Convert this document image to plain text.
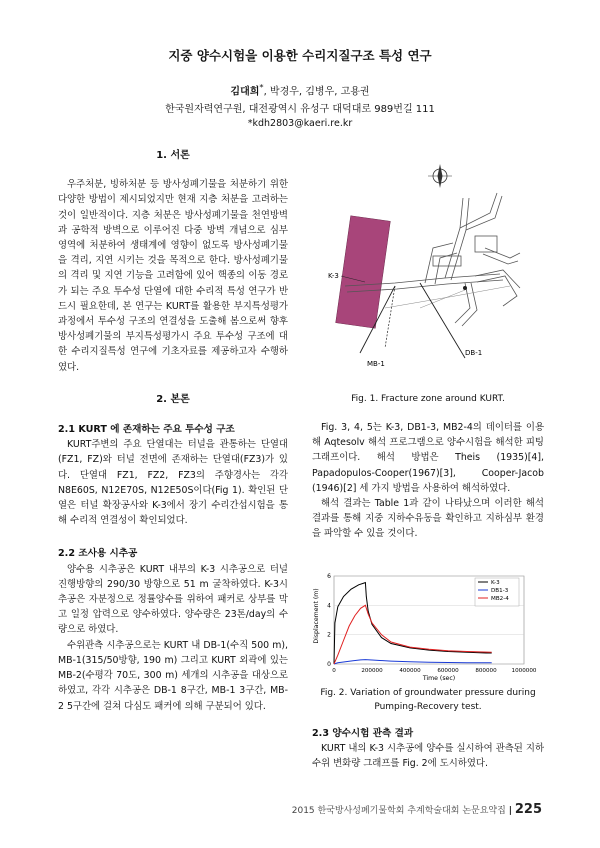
지중 양수시험을 이용한 수리지질구조 특성 연구
김대희*, 박경우, 김병우, 고용권
한국원자력연구원, 대전광역시 유성구 대덕대로 989번길 111
*kdh2803@kaeri.re.kr
1. 서론

우주처분, 빙하처분 등 방사성폐기물을 처분하기 위한 다양한 방법이 제시되었지만 현재 지층 처분을 고려하는 것이 일반적이다. 지층 처분은 방사성폐기물을 천연방벽과 공학적 방벽으로 이루어진 다중 방벽 개념으로 심부 영역에 처분하여 생태계에 영향이 없도록 방사성폐기물을 격리, 지연 시키는 것을 목적으로 한다. 방사성폐기물의 격리 및 지연 기능을 고려함에 있어 핵종의 이동 경로가 되는 주요 투수성 단열에 대한 수리적 특성 연구가 반드시 필요한데, 본 연구는 KURT를 활용한 부지특성평가 과정에서 투수성 구조의 연결성을 도출해 봄으로써 향후 방사성폐기물의 부지특성평가시 주요 투수성 구조에 대한 수리지질특성 연구에 기초자료를 제공하고자 수행하였다.

2. 본론
2.1 KURT 에 존재하는 주요 투수성 구조

KURT주변의 주요 단열대는 터널을 관통하는 단열대(FZ1, FZ)와 터널 전면에 존재하는 단열대(FZ3)가 있다. 단열대 FZ1, FZ2, FZ3의 주향경사는 각각 N8E60S, N12E70S, N12E50S이다(Fig 1). 확인된 단열은 터널 확장공사와 K-3에서 장기 수리간섭시험을 통해 수리적 연결성이 확인되었다.

2.2 조사용 시추공

양수용 시추공은 KURT 내부의 K-3 시추공으로 터널 진행방향의 290/30 방향으로 51 m 굴착하였다. K-3시추공은 자분정으로 정률양수를 위하여 패커로 상부를 막고 일정 압력으로 양수하였다. 양수량은 23톤/day의 수량으로 하였다.

수위관측 시추공으로는 KURT 내 DB-1(수직 500 m), MB-1(315/50방향, 190 m) 그리고 KURT 외곽에 있는 MB-2(수평각 70도, 300 m) 세개의 시추공을 대상으로 하였고, 각각 시추공은 DB-1 8구간, MB-1 3구간, MB-2 5구간에 걸쳐 다심도 패커에 의해 구분되어 있다.

K-3
DB-1
MB-1
Fig. 1. Fracture zone around KURT.

Fig. 3, 4, 5는 K-3, DB1-3, MB2-4의 데이터를 이용해 Aqtesolv 해석 프로그램으로 양수시험을 해석한 피팅 그래프이다. 해석 방법은 Theis (1935)[4], Papadopulos-Cooper(1967)[3], Cooper-Jacob (1946)[2] 세 가지 방법을 사용하여 해석하였다.

해석 결과는 Table 1과 같이 나타났으며 이러한 해석결과를 통해 지중 지하수유동을 확인하고 지하심부 환경을 파악할 수 있을 것이다.

0
2
4
6
0	200000	400000	600000	800000	1000000
K-3
DB1-3
MB2-4
Displacement (m)
Time (sec)
Fig. 2. Variation of groundwater pressure during Pumping-Recovery test.
2.3 양수시험 관측 결과

KURT 내의 K-3 시추공에 양수를 실시하여 관측된 지하수위 변화량 그래프를 Fig. 2에 도시하였다.

2015 한국방사성폐기물학회 추계학술대회 논문요약집 | 225
